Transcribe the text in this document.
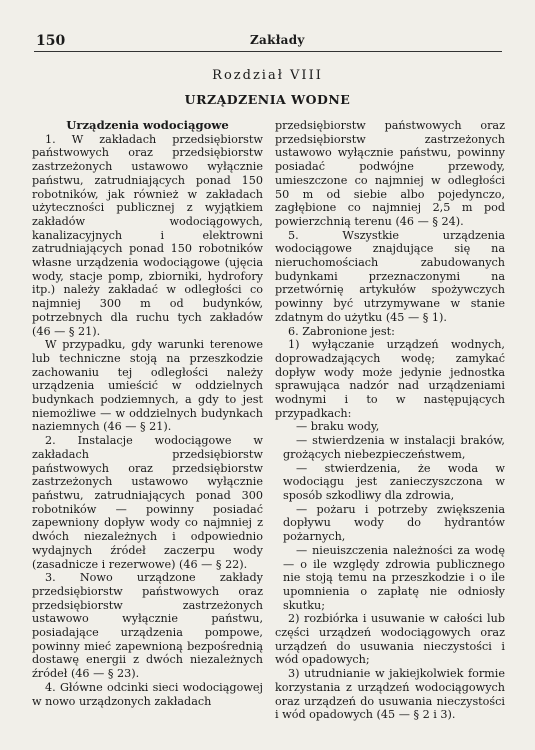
150	Zakłady
Rozdział VIII
URZĄDZENIA WODNE

Urządzenia wodociągowe

1. W zakładach przedsiębiorstw państwowych oraz przedsiębiorstw zastrzeżonych ustawowo wyłącznie państwu, zatrudniających ponad 150 robotników, jak również w zakładach użyteczności publicznej z wyjątkiem zakładów wodociągowych, kanalizacyjnych i elektrowni zatrudniających ponad 150 robotników własne urządzenia wodociągowe (ujęcia wody, stacje pomp, zbiorniki, hydrofory itp.) należy zakładać w odległości co najmniej 300 m od budynków, potrzebnych dla ruchu tych zakładów (46 — § 21).

W przypadku, gdy warunki terenowe lub techniczne stoją na przeszkodzie zachowaniu tej odległości należy urządzenia umieścić w oddzielnych budynkach podziemnych, a gdy to jest niemożliwe — w oddzielnych budynkach naziemnych (46 — § 21).

2. Instalacje wodociągowe w zakładach przedsiębiorstw państwowych oraz przedsiębiorstw zastrzeżonych ustawowo wyłącznie państwu, zatrudniających ponad 300 robotników — powinny posiadać zapewniony dopływ wody co najmniej z dwóch niezależnych i odpowiednio wydajnych źródeł zaczerpu wody (zasadnicze i rezerwowe) (46 — § 22).

3. Nowo urządzone zakłady przedsiębiorstw państwowych oraz przedsiębiorstw zastrzeżonych ustawowo wyłącznie państwu, posiadające urządzenia pompowe, powinny mieć zapewnioną bezpośrednią dostawę energii z dwóch niezależnych źródeł (46 — § 23).

4. Główne odcinki sieci wodociągowej w nowo urządzonych zakładach

przedsiębiorstw państwowych oraz przedsiębiorstw zastrzeżonych ustawowo wyłącznie państwu, powinny posiadać podwójne przewody, umieszczone co najmniej w odległości 50 m od siebie albo pojedynczo, zagłębione co najmniej 2,5 m pod powierzchnią terenu (46 — § 24).

5. Wszystkie urządzenia wodociągowe znajdujące się na nieruchomościach zabudowanych budynkami przeznaczonymi na przetwórnię artykułów spożywczych powinny być utrzymywane w stanie zdatnym do użytku (45 — § 1).

6. Zabronione jest:

1) wyłączanie urządzeń wodnych, doprowadzających wodę; zamykać dopływ wody może jedynie jednostka sprawująca nadzór nad urządzeniami wodnymi i to w następujących przypadkach:

— braku wody,

— stwierdzenia w instalacji braków, grożących niebezpieczeństwem,

— stwierdzenia, że woda w wodociągu jest zanieczyszczona w sposób szkodliwy dla zdrowia,

— pożaru i potrzeby zwiększenia dopływu wody do hydrantów pożarnych,

— nieuiszczenia należności za wodę — o ile względy zdrowia publicznego nie stoją temu na przeszkodzie i o ile upomnienia o zapłatę nie odniosły skutku;

2) rozbiórka i usuwanie w całości lub części urządzeń wodociągowych oraz urządzeń do usuwania nieczystości i wód opadowych;

3) utrudnianie w jakiejkolwiek formie korzystania z urządzeń wodociągowych oraz urządzeń do usuwania nieczystości i wód opadowych (45 — § 2 i 3).
